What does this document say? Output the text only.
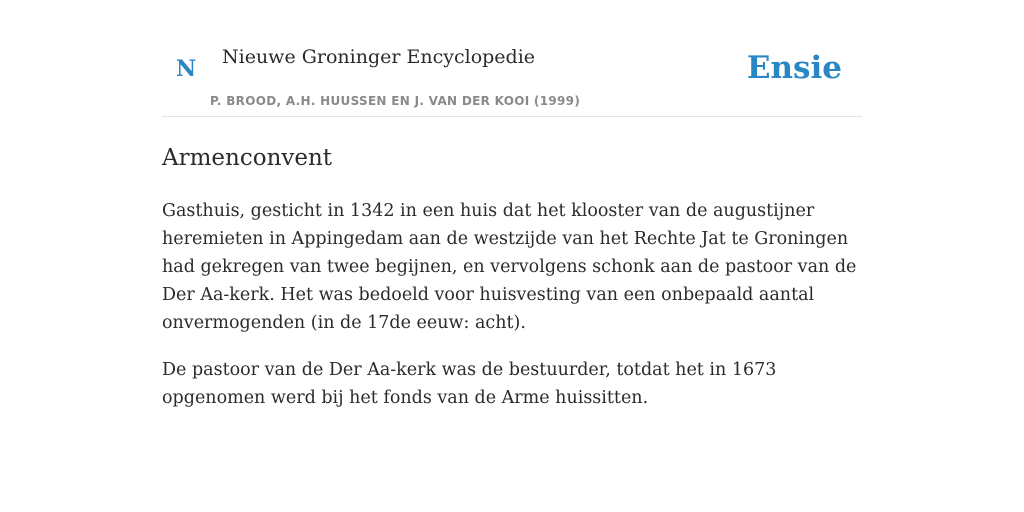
N Nieuwe Groninger Encyclopedie
P. BROOD, A.H. HUUSSEN EN J. VAN DER KOOI (1999)
Ensie
Armenconvent

Gasthuis, gesticht in 1342 in een huis dat het klooster van de augustijner heremieten in Appingedam aan de westzijde van het Rechte Jat te Groningen had gekregen van twee begijnen, en vervolgens schonk aan de pastoor van de Der Aa-kerk. Het was bedoeld voor huisvesting van een onbepaald aantal onvermogenden (in de 17de eeuw: acht).

De pastoor van de Der Aa-kerk was de bestuurder, totdat het in 1673 opgenomen werd bij het fonds van de Arme huissitten.
